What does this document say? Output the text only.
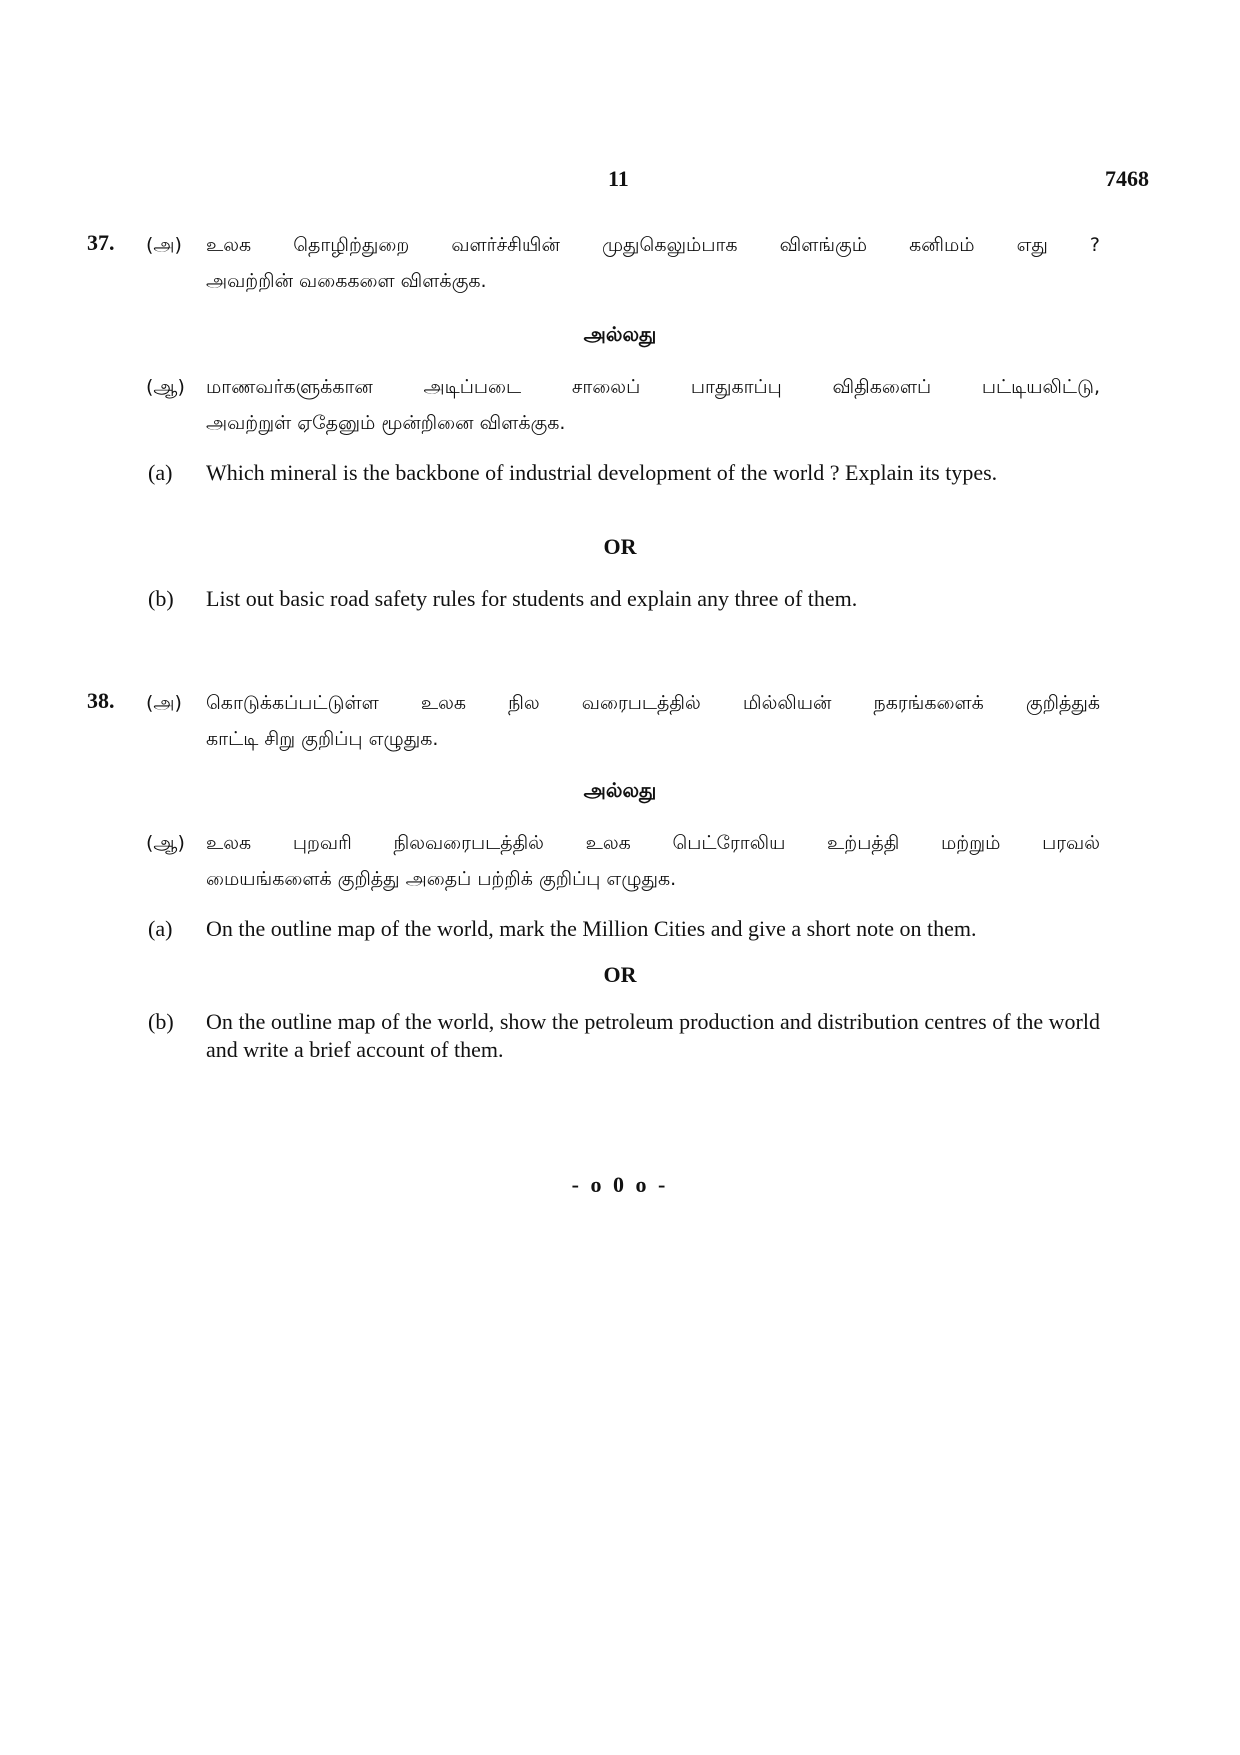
11	7468
37. (அ) உலக தொழிற்துறை வளர்ச்சியின் முதுகெலும்பாக விளங்கும் கனிமம் எது ?
அவற்றின் வகைகளை விளக்குக.
அல்லது
(ஆ) மாணவர்களுக்கான அடிப்படை சாலைப் பாதுகாப்பு விதிகளைப் பட்டியலிட்டு,
அவற்றுள் ஏதேனும் மூன்றினை விளக்குக.
(a) Which mineral is the backbone of industrial development of the world ? Explain its types.
OR
(b) List out basic road safety rules for students and explain any three of them.
38. (அ) கொடுக்கப்பட்டுள்ள உலக நில வரைபடத்தில் மில்லியன் நகரங்களைக் குறித்துக்
காட்டி சிறு குறிப்பு எழுதுக.
அல்லது
(ஆ) உலக புறவரி நிலவரைபடத்தில் உலக பெட்ரோலிய உற்பத்தி மற்றும் பரவல்
மையங்களைக் குறித்து அதைப் பற்றிக் குறிப்பு எழுதுக.
(a) On the outline map of the world, mark the Million Cities and give a short note on them.
OR
(b) On the outline map of the world, show the petroleum production and distribution centres of the world and write a brief account of them.
- o 0 o -
